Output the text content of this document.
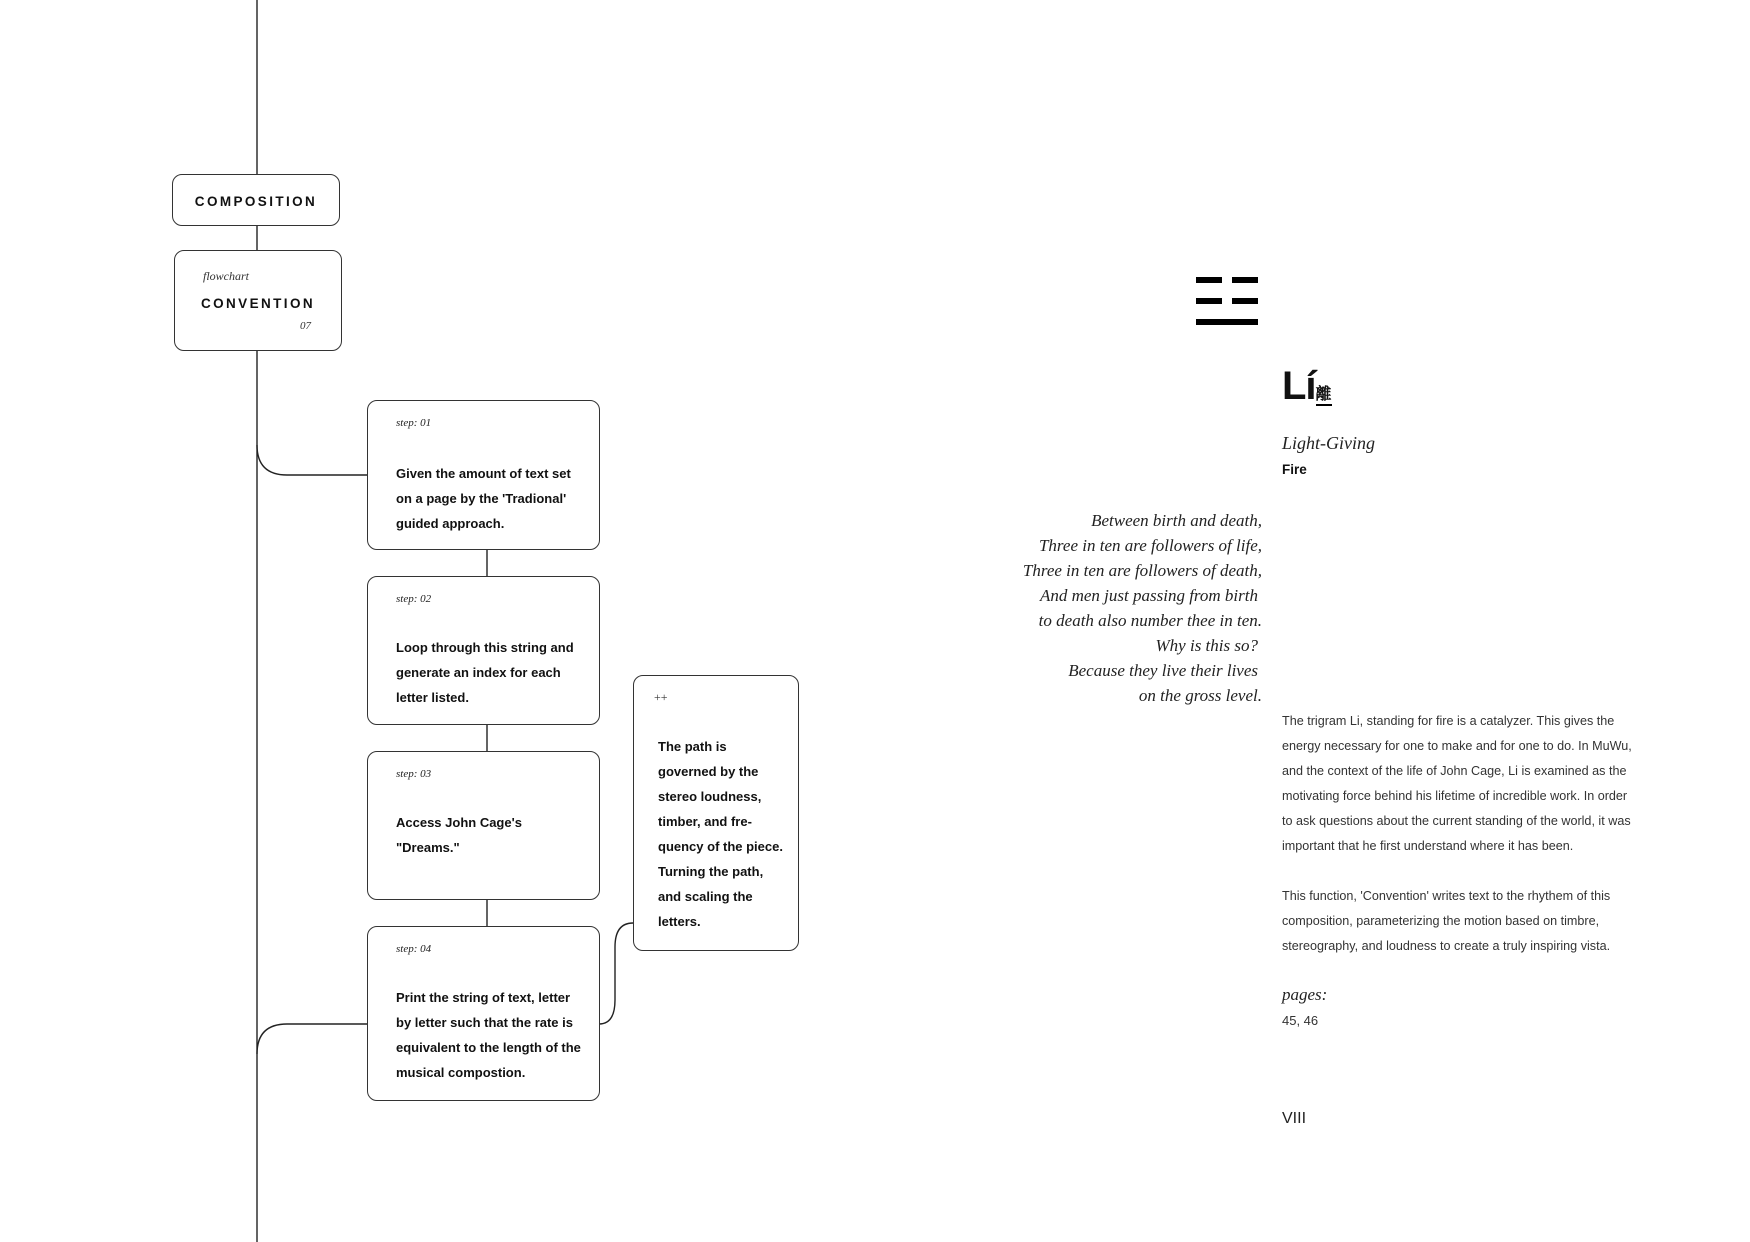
COMPOSITION
flowchart
CONVENTION
07
step: 01
Given the amount of text set on a page by the 'Tradional' guided approach.
step: 02
Loop through this string and generate an index for each letter listed.
step: 03
Access John Cage's "Dreams."
step: 04
Print the string of text, letter by letter such that the rate is equivalent to the length of the musical compostion.
++
The path is governed by the stereo loudness, timber, and fre-quency of the piece. Turning the path, and scaling the letters.
Lí離
Light-Giving
Fire
Between birth and death,
Three in ten are followers of life,
Three in ten are followers of death,
And men just passing from birth
to death also number thee in ten.
Why is this so?
Because they live their lives
on the gross level.
The trigram Li, standing for fire is a catalyzer. This gives the energy necessary for one to make and for one to do. In MuWu, and the context of the life of John Cage, Li is examined as the motivating force behind his lifetime of incredible work. In order to ask questions about the current standing of the world, it was important that he first understand where it has been.
This function, 'Convention' writes text to the rhythem of this composition, parameterizing the motion based on timbre, stereography, and loudness to create a truly inspiring vista.
pages:
45, 46
VIII
